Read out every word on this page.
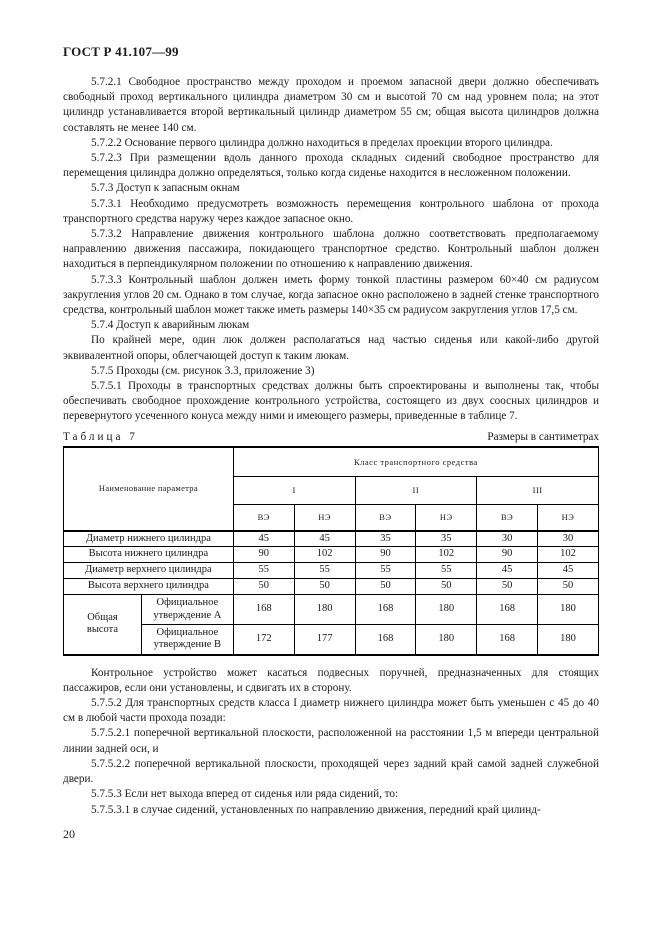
ГОСТ Р 41.107—99

5.7.2.1 Свободное пространство между проходом и проемом запасной двери должно обеспечивать свободный проход вертикального цилиндра диаметром 30 см и высотой 70 см над уровнем пола; на этот цилиндр устанавливается второй вертикальный цилиндр диаметром 55 см; общая высота цилиндров должна составлять не менее 140 см.

5.7.2.2 Основание первого цилиндра должно находиться в пределах проекции второго цилиндра.

5.7.2.3 При размещении вдоль данного прохода складных сидений свободное пространство для перемещения цилиндра должно определяться, только когда сиденье находится в несложенном положении.

5.7.3 Доступ к запасным окнам

5.7.3.1 Необходимо предусмотреть возможность перемещения контрольного шаблона от прохода транспортного средства наружу через каждое запасное окно.

5.7.3.2 Направление движения контрольного шаблона должно соответствовать предполагаемому направлению движения пассажира, покидающего транспортное средство. Контрольный шаблон должен находиться в перпендикулярном положении по отношению к направлению движения.

5.7.3.3 Контрольный шаблон должен иметь форму тонкой пластины размером 60×40 см радиусом закругления углов 20 см. Однако в том случае, когда запасное окно расположено в задней стенке транспортного средства, контрольный шаблон может также иметь размеры 140×35 см радиусом закругления углов 17,5 см.

5.7.4 Доступ к аварийным люкам

По крайней мере, один люк должен располагаться над частью сиденья или какой-либо другой эквивалентной опоры, облегчающей доступ к таким люкам.

5.7.5 Проходы (см. рисунок 3.3, приложение 3)

5.7.5.1 Проходы в транспортных средствах должны быть спроектированы и выполнены так, чтобы обеспечивать свободное прохождение контрольного устройства, состоящего из двух соосных цилиндров и перевернутого усеченного конуса между ними и имеющего размеры, приведенные в таблице 7.

Таблица 7	Размеры в сантиметрах
Наименование параметра		Класс транспортного средства					
		I		II		III	
		ВЭ	НЭ	ВЭ	НЭ	ВЭ	НЭ
Диаметр нижнего цилиндра		45	45	35	35	30	30
Высота нижнего цилиндра		90	102	90	102	90	102
Диаметр верхнего цилиндра		55	55	55	55	45	45
Высота верхнего цилиндра		50	50	50	50	50	50
Общая высота	Официальное утверждение А	168	180	168	180	168	180
	Официальное утверждение В	172	177	168	180	168	180

Контрольное устройство может касаться подвесных поручней, предназначенных для стоящих пассажиров, если они установлены, и сдвигать их в сторону.

5.7.5.2 Для транспортных средств класса I диаметр нижнего цилиндра может быть уменьшен с 45 до 40 см в любой части прохода позади:

5.7.5.2.1 поперечной вертикальной плоскости, расположенной на расстоянии 1,5 м впереди центральной линии задней оси, и

5.7.5.2.2 поперечной вертикальной плоскости, проходящей через задний край самой задней служебной двери.

5.7.5.3 Если нет выхода вперед от сиденья или ряда сидений, то:

5.7.5.3.1 в случае сидений, установленных по направлению движения, передний край цилинд-

20
